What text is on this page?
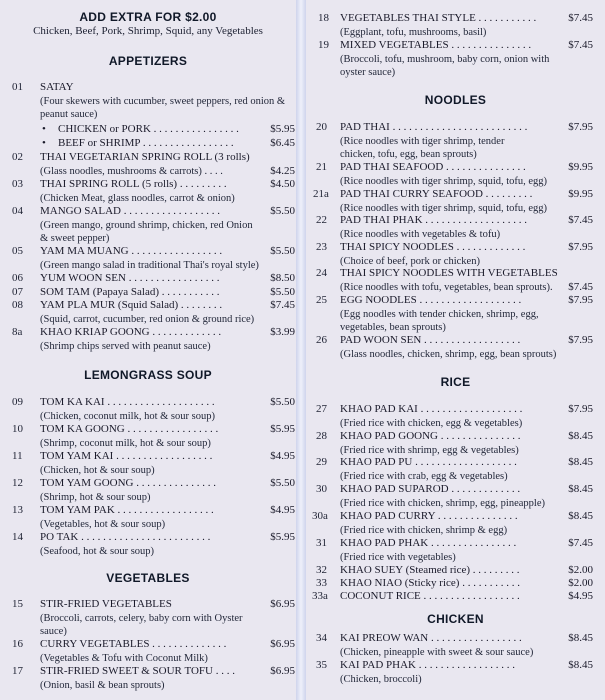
ADD EXTRA FOR $2.00
Chicken, Beef, Pork, Shrimp, Squid, any Vegetables
APPETIZERS
01 SATAY
(Four skewers with cucumber, sweet peppers, red onion & peanut sauce)
• CHICKEN or PORK . . . . . . . . . . . . . . . .	$5.95
• BEEF or SHRIMP . . . . . . . . . . . . . . . . .	$6.45
02 THAI VEGETARIAN SPRING ROLL (3 rolls)
(Glass noodles, mushrooms & carrots) . . . .	$4.25
03 THAI SPRING ROLL (5 rolls) . . . . . . . . .	$4.50
(Chicken Meat, glass noodles, carrot & onion)
04 MANGO SALAD . . . . . . . . . . . . . . . . . .	$5.50
(Green mango, ground shrimp, chicken, red Onion & sweet pepper)
05 YAM MA MUANG . . . . . . . . . . . . . . . . .	$5.50
(Green mango salad in traditional Thai's royal style)
06 YUM WOON SEN . . . . . . . . . . . . . . . . .	$8.50
07 SOM TAM (Papaya Salad) . . . . . . . . . . .	$5.50
08 YAM PLA MUR (Squid Salad) . . . . . . . .	$7.45
(Squid, carrot, cucumber, red onion & ground rice)
8a KHAO KRIAP GOONG . . . . . . . . . . . . .	$3.99
(Shrimp chips served with peanut sauce)
LEMONGRASS SOUP
09 TOM KA KAI . . . . . . . . . . . . . . . . . . . .	$5.50
(Chicken, coconut milk, hot & sour soup)
10 TOM KA GOONG . . . . . . . . . . . . . . . . .	$5.95
(Shrimp, coconut milk, hot & sour soup)
11 TOM YAM KAI . . . . . . . . . . . . . . . . . .	$4.95
(Chicken, hot & sour soup)
12 TOM YAM GOONG . . . . . . . . . . . . . . .	$5.50
(Shrimp, hot & sour soup)
13 TOM YAM PAK . . . . . . . . . . . . . . . . . .	$4.95
(Vegetables, hot & sour soup)
14 PO TAK . . . . . . . . . . . . . . . . . . . . . . . .	$5.95
(Seafood, hot & sour soup)
VEGETABLES
15 STIR-FRIED VEGETABLES	$6.95
(Broccoli, carrots, celery, baby corn with Oyster sauce)
16 CURRY VEGETABLES . . . . . . . . . . . . . .	$6.95
(Vegetables & Tofu with Coconut Milk)
17 STIR-FRIED SWEET & SOUR TOFU . . . .	$6.95
(Onion, basil & bean sprouts)
18 VEGETABLES THAI STYLE . . . . . . . . . . .	$7.45
(Eggplant, tofu, mushrooms, basil)
19 MIXED VEGETABLES . . . . . . . . . . . . . . .	$7.45
(Broccoli, tofu, mushroom, baby corn, onion with oyster sauce)
NOODLES
20 PAD THAI . . . . . . . . . . . . . . . . . . . . . . . . .	$7.95
(Rice noodles with tiger shrimp, tender chicken, tofu, egg, bean sprouts)
21 PAD THAI SEAFOOD . . . . . . . . . . . . . . .	$9.95
(Rice noodles with tiger shrimp, squid, tofu, egg)
21a PAD THAI CURRY SEAFOOD . . . . . . . . .	$9.95
(Rice noodles with tiger shrimp, squid, tofu, egg)
22 PAD THAI PHAK . . . . . . . . . . . . . . . . . . .	$7.45
(Rice noodles with vegetables & tofu)
23 THAI SPICY NOODLES . . . . . . . . . . . . .	$7.95
(Choice of beef, pork or chicken)
24 THAI SPICY NOODLES WITH VEGETABLES
(Rice noodles with tofu, vegetables, bean sprouts). $7.45
25 EGG NOODLES . . . . . . . . . . . . . . . . . . .	$7.95
(Egg noodles with tender chicken, shrimp, egg, vegetables, bean sprouts)
26 PAD WOON SEN . . . . . . . . . . . . . . . . . .	$7.95
(Glass noodles, chicken, shrimp, egg, bean sprouts)
RICE
27 KHAO PAD KAI . . . . . . . . . . . . . . . . . . .	$7.95
(Fried rice with chicken, egg & vegetables)
28 KHAO PAD GOONG . . . . . . . . . . . . . . .	$8.45
(Fried rice with shrimp, egg & vegetables)
29 KHAO PAD PU . . . . . . . . . . . . . . . . . . .	$8.45
(Fried rice with crab, egg & vegetables)
30 KHAO PAD SUPAROD . . . . . . . . . . . . .	$8.45
(Fried rice with chicken, shrimp, egg, pineapple)
30a KHAO PAD CURRY . . . . . . . . . . . . . . .	$8.45
(Fried rice with chicken, shrimp & egg)
31 KHAO PAD PHAK . . . . . . . . . . . . . . . .	$7.45
(Fried rice with vegetables)
32 KHAO SUEY (Steamed rice) . . . . . . . . .	$2.00
33 KHAO NIAO (Sticky rice) . . . . . . . . . . .	$2.00
33a COCONUT RICE . . . . . . . . . . . . . . . . . .	$4.95
CHICKEN
34 KAI PREOW WAN . . . . . . . . . . . . . . . . .	$8.45
(Chicken, pineapple with sweet & sour sauce)
35 KAI PAD PHAK . . . . . . . . . . . . . . . . . .	$8.45
(Chicken, broccoli)
